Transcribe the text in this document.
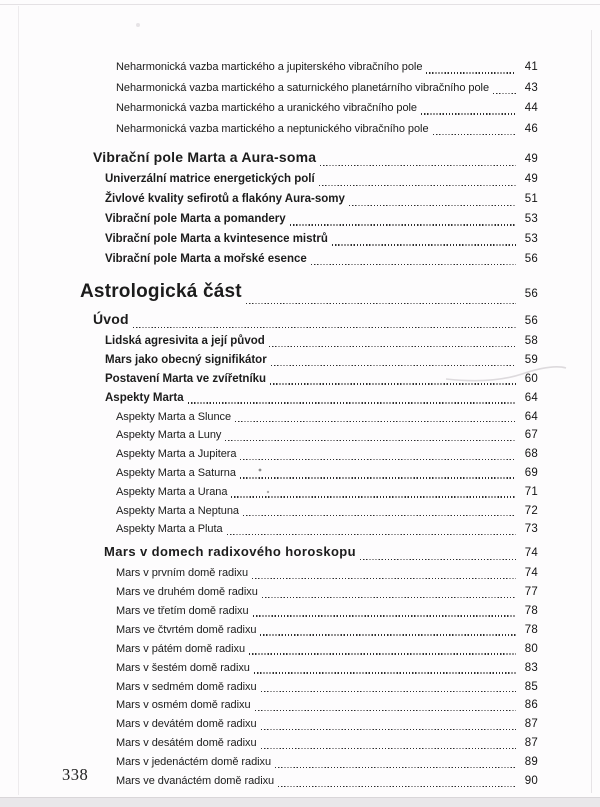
Neharmonická vazba martického a jupiterského vibračního pole	41
Neharmonická vazba martického a saturnického planetárního vibračního pole	43
Neharmonická vazba martického a uranického vibračního pole	44
Neharmonická vazba martického a neptunického vibračního pole	46
Vibrační pole Marta a Aura-soma	49
Univerzální matrice energetických polí	49
Živlové kvality sefirotů a flakóny Aura-somy	51
Vibrační pole Marta a pomandery	53
Vibrační pole Marta a kvintesence mistrů	53
Vibrační pole Marta a mořské esence	56
Astrologická část	56
Úvod	56
Lidská agresivita a její původ	58
Mars jako obecný signifikátor	59
Postavení Marta ve zvířetníku	60
Aspekty Marta	64
Aspekty Marta a Slunce	64
Aspekty Marta a Luny	67
Aspekty Marta a Jupitera	68
Aspekty Marta a Saturna	69
Aspekty Marta a Urana	71
Aspekty Marta a Neptuna	72
Aspekty Marta a Pluta	73
Mars v domech radixového horoskopu	74
Mars v prvním domě radixu	74
Mars ve druhém domě radixu	77
Mars ve třetím domě radixu	78
Mars ve čtvrtém domě radixu	78
Mars v pátém domě radixu	80
Mars v šestém domě radixu	83
Mars v sedmém domě radixu	85
Mars v osmém domě radixu	86
Mars v devátém domě radixu	87
Mars v desátém domě radixu	87
Mars v jedenáctém domě radixu	89
Mars ve dvanáctém domě radixu	90
338
